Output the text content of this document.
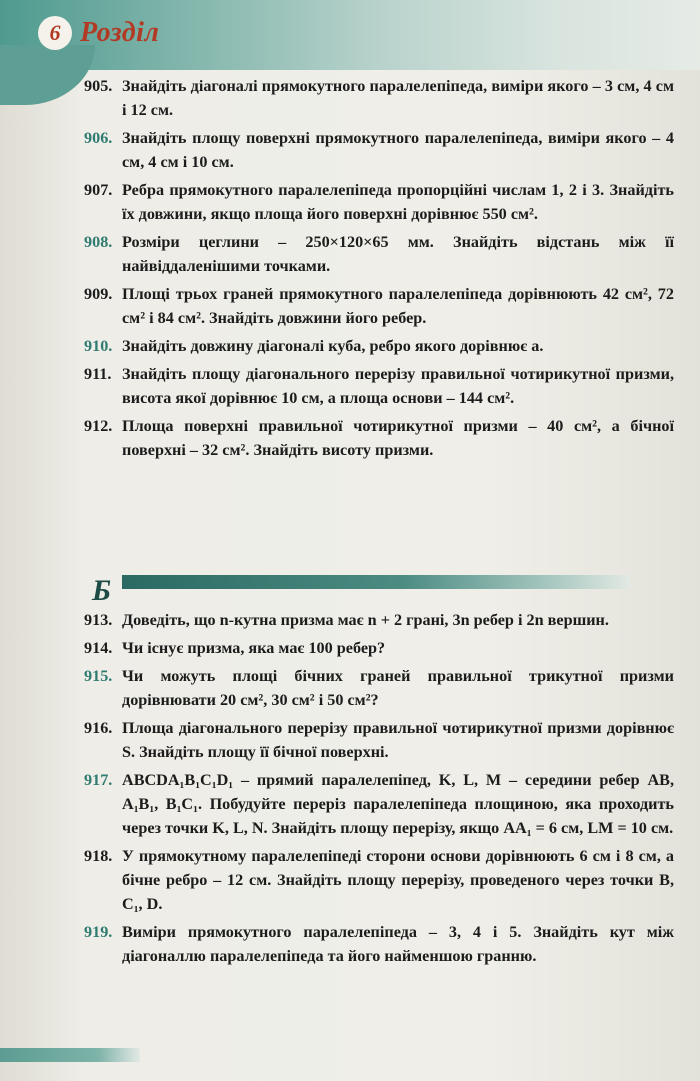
6 Розділ
905. Знайдіть діагоналі прямокутного паралелепіпеда, виміри якого – 3 см, 4 см і 12 см.
906. Знайдіть площу поверхні прямокутного паралелепіпеда, виміри якого – 4 см, 4 см і 10 см.
907. Ребра прямокутного паралелепіпеда пропорційні числам 1, 2 і 3. Знайдіть їх довжини, якщо площа його поверхні дорівнює 550 см².
908. Розміри цеглини – 250×120×65 мм. Знайдіть відстань між її найвіддаленішими точками.
909. Площі трьох граней прямокутного паралелепіпеда дорівнюють 42 см², 72 см² і 84 см². Знайдіть довжини його ребер.
910. Знайдіть довжину діагоналі куба, ребро якого дорівнює a.
911. Знайдіть площу діагонального перерізу правильної чотирикутної призми, висота якої дорівнює 10 см, а площа основи – 144 см².
912. Площа поверхні правильної чотирикутної призми – 40 см², а бічної поверхні – 32 см². Знайдіть висоту призми.
Б
913. Доведіть, що n-кутна призма має n + 2 грані, 3n ребер і 2n вершин.
914. Чи існує призма, яка має 100 ребер?
915. Чи можуть площі бічних граней правильної трикутної призми дорівнювати 20 см², 30 см² і 50 см²?
916. Площа діагонального перерізу правильної чотирикутної призми дорівнює S. Знайдіть площу її бічної поверхні.
917. ABCDA₁B₁C₁D₁ – прямий паралелепіпед, K, L, M – середини ребер AB, A₁B₁, B₁C₁. Побудуйте переріз паралелепіпеда площиною, яка проходить через точки K, L, N. Знайдіть площу перерізу, якщо AA₁ = 6 см, LM = 10 см.
918. У прямокутному паралелепіпеді сторони основи дорівнюють 6 см і 8 см, а бічне ребро – 12 см. Знайдіть площу перерізу, проведеного через точки B, C₁, D.
919. Виміри прямокутного паралелепіпеда – 3, 4 і 5. Знайдіть кут між діагоналлю паралелепіпеда та його найменшою гранню.
